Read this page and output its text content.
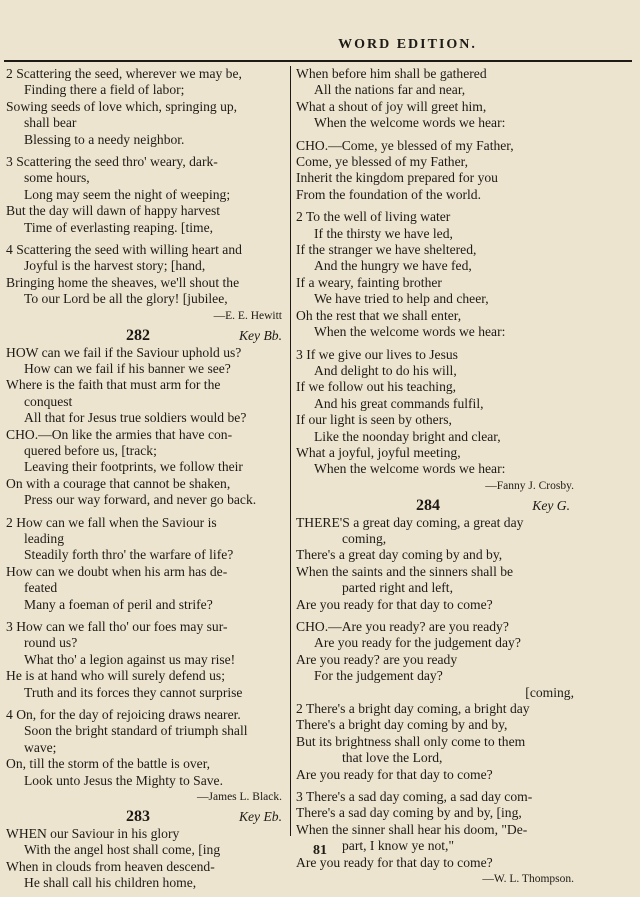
WORD EDITION.
2 Scattering the seed, wherever we may be,
Finding there a field of labor;
Sowing seeds of love which, springing up,
shall bear
Blessing to a needy neighbor.
3 Scattering the seed thro' weary, dark-
some hours,
Long may seem the night of weeping;
But the day will dawn of happy harvest
Time of everlasting reaping. [time,
4 Scattering the seed with willing heart and
Joyful is the harvest story; [hand,
Bringing home the sheaves, we'll shout the
To our Lord be all the glory! [jubilee,
—E. E. Hewitt
282	Key Bb.
HOW can we fail if the Saviour uphold us?
How can we fail if his banner we see?
Where is the faith that must arm for the
conquest
All that for Jesus true soldiers would be?
CHO.—On like the armies that have con-
quered before us, [track;
Leaving their footprints, we follow their
On with a courage that cannot be shaken,
Press our way forward, and never go back.
2 How can we fall when the Saviour is
leading
Steadily forth thro' the warfare of life?
How can we doubt when his arm has de-
feated
Many a foeman of peril and strife?
3 How can we fall tho' our foes may sur-
round us?
What tho' a legion against us may rise!
He is at hand who will surely defend us;
Truth and its forces they cannot surprise
4 On, for the day of rejoicing draws nearer.
Soon the bright standard of triumph shall
wave;
On, till the storm of the battle is over,
Look unto Jesus the Mighty to Save.
—James L. Black.
283	Key Eb.
WHEN our Saviour in his glory
With the angel host shall come, [ing
When in clouds from heaven descend-
He shall call his children home,
When before him shall be gathered
All the nations far and near,
What a shout of joy will greet him,
When the welcome words we hear:
CHO.—Come, ye blessed of my Father,
Come, ye blessed of my Father,
Inherit the kingdom prepared for you
From the foundation of the world.
2 To the well of living water
If the thirsty we have led,
If the stranger we have sheltered,
And the hungry we have fed,
If a weary, fainting brother
We have tried to help and cheer,
Oh the rest that we shall enter,
When the welcome words we hear:
3 If we give our lives to Jesus
And delight to do his will,
If we follow out his teaching,
And his great commands fulfil,
If our light is seen by others,
Like the noonday bright and clear,
What a joyful, joyful meeting,
When the welcome words we hear:
—Fanny J. Crosby.
284	Key G.
THERE'S a great day coming, a great day
coming,
There's a great day coming by and by,
When the saints and the sinners shall be
parted right and left,
Are you ready for that day to come?
CHO.—Are you ready? are you ready?
Are you ready for the judgement day?
Are you ready? are you ready
For the judgement day?
[coming,
2 There's a bright day coming, a bright day
There's a bright day coming by and by,
But its brightness shall only come to them
that love the Lord,
Are you ready for that day to come?
3 There's a sad day coming, a sad day com-
There's a sad day coming by and by, [ing,
When the sinner shall hear his doom, "De-
part, I know ye not,"
Are you ready for that day to come?
—W. L. Thompson.
81
